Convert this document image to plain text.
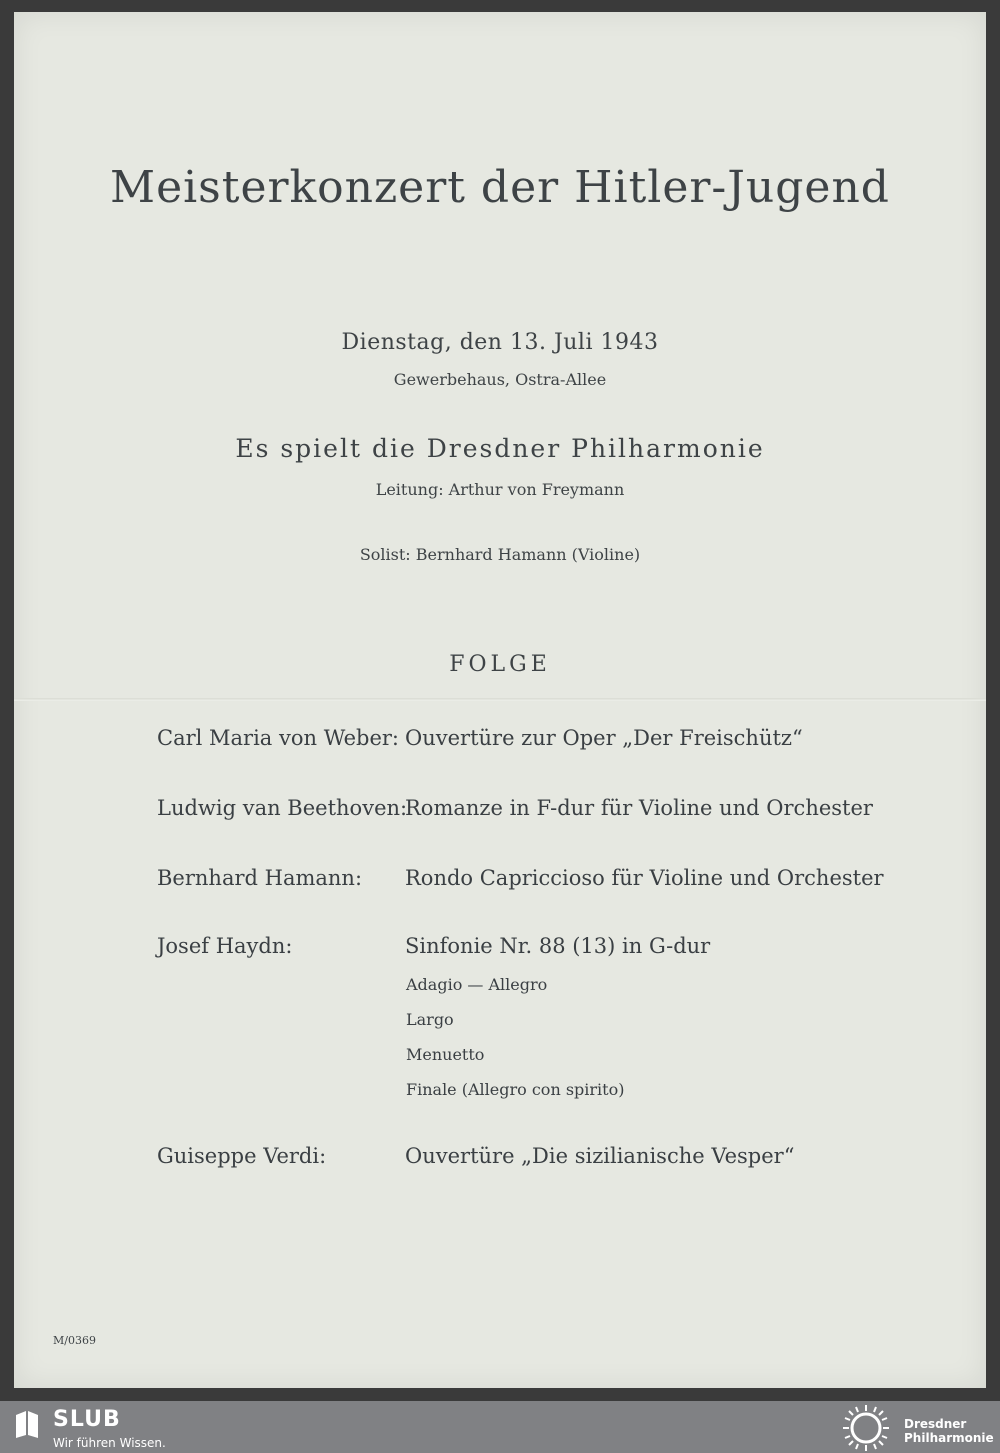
Meisterkonzert der Hitler-Jugend
Dienstag, den 13. Juli 1943
Gewerbehaus, Ostra-Allee
Es spielt die Dresdner Philharmonie
Leitung: Arthur von Freymann
Solist: Bernhard Hamann (Violine)
FOLGE
Carl Maria von Weber: Ouvertüre zur Oper „Der Freischütz“
Ludwig van Beethoven:
Romanze in F-dur für Violine und Orchester
Bernhard Hamann: Rondo Capriccioso für Violine und Orchester
Josef Haydn:	Sinfonie Nr. 88 (13) in G-dur
Adagio — Allegro
Largo
Menuetto
Finale (Allegro con spirito)
Guiseppe Verdi:	Ouvertüre „Die sizilianische Vesper“
M/0369
SLUB
Wir führen Wissen.
Dresdner
Philharmonie
